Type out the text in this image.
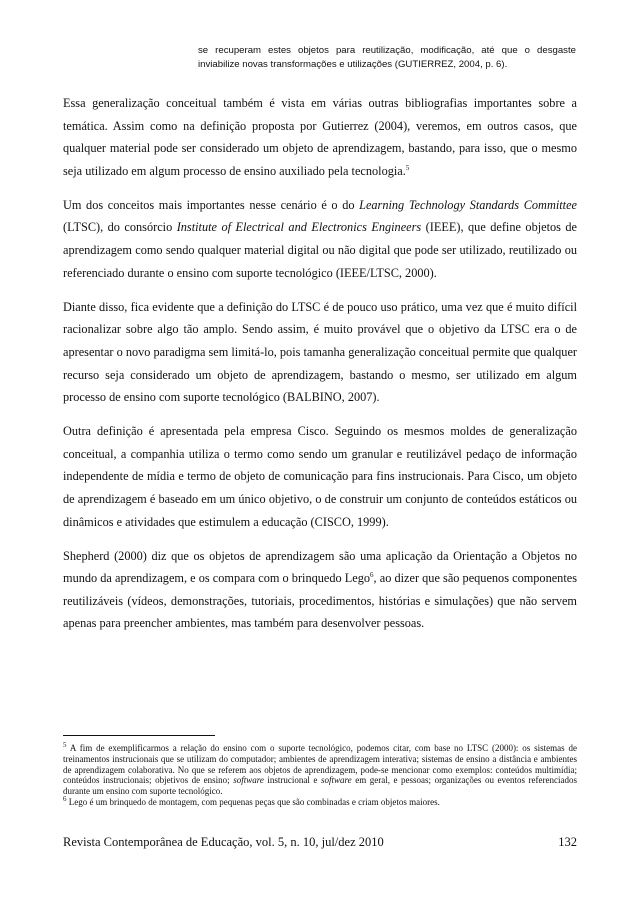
se recuperam estes objetos para reutilização, modificação, até que o desgaste inviabilize novas transformações e utilizações (GUTIERREZ, 2004, p. 6).

Essa generalização conceitual também é vista em várias outras bibliografias importantes sobre a temática. Assim como na definição proposta por Gutierrez (2004), veremos, em outros casos, que qualquer material pode ser considerado um objeto de aprendizagem, bastando, para isso, que o mesmo seja utilizado em algum processo de ensino auxiliado pela tecnologia.$^5$

Um dos conceitos mais importantes nesse cenário é o do Learning Technology Standards Committee (LTSC), do consórcio Institute of Electrical and Electronics Engineers (IEEE), que define objetos de aprendizagem como sendo qualquer material digital ou não digital que pode ser utilizado, reutilizado ou referenciado durante o ensino com suporte tecnológico (IEEE/LTSC, 2000).

Diante disso, fica evidente que a definição do LTSC é de pouco uso prático, uma vez que é muito difícil racionalizar sobre algo tão amplo. Sendo assim, é muito provável que o objetivo da LTSC era o de apresentar o novo paradigma sem limitá-lo, pois tamanha generalização conceitual permite que qualquer recurso seja considerado um objeto de aprendizagem, bastando o mesmo, ser utilizado em algum processo de ensino com suporte tecnológico (BALBINO, 2007).

Outra definição é apresentada pela empresa Cisco. Seguindo os mesmos moldes de generalização conceitual, a companhia utiliza o termo como sendo um granular e reutilizável pedaço de informação independente de mídia e termo de objeto de comunicação para fins instrucionais. Para Cisco, um objeto de aprendizagem é baseado em um único objetivo, o de construir um conjunto de conteúdos estáticos ou dinâmicos e atividades que estimulem a educação (CISCO, 1999).

Shepherd (2000) diz que os objetos de aprendizagem são uma aplicação da Orientação a Objetos no mundo da aprendizagem, e os compara com o brinquedo Lego$^6$, ao dizer que são pequenos componentes reutilizáveis (vídeos, demonstrações, tutoriais, procedimentos, histórias e simulações) que não servem apenas para preencher ambientes, mas também para desenvolver pessoas.

$^5$ A fim de exemplificarmos a relação do ensino com o suporte tecnológico, podemos citar, com base no LTSC (2000): os sistemas de treinamentos instrucionais que se utilizam do computador; ambientes de aprendizagem interativa; sistemas de ensino a distância e ambientes de aprendizagem colaborativa. No que se referem aos objetos de aprendizagem, pode-se mencionar como exemplos: conteúdos multimídia; conteúdos instrucionais; objetivos de ensino; software instrucional e software em geral, e pessoas; organizações ou eventos referenciados durante um ensino com suporte tecnológico.

$^6$ Lego é um brinquedo de montagem, com pequenas peças que são combinadas e criam objetos maiores.

Revista Contemporânea de Educação, vol. 5, n. 10, jul/dez 2010	132
